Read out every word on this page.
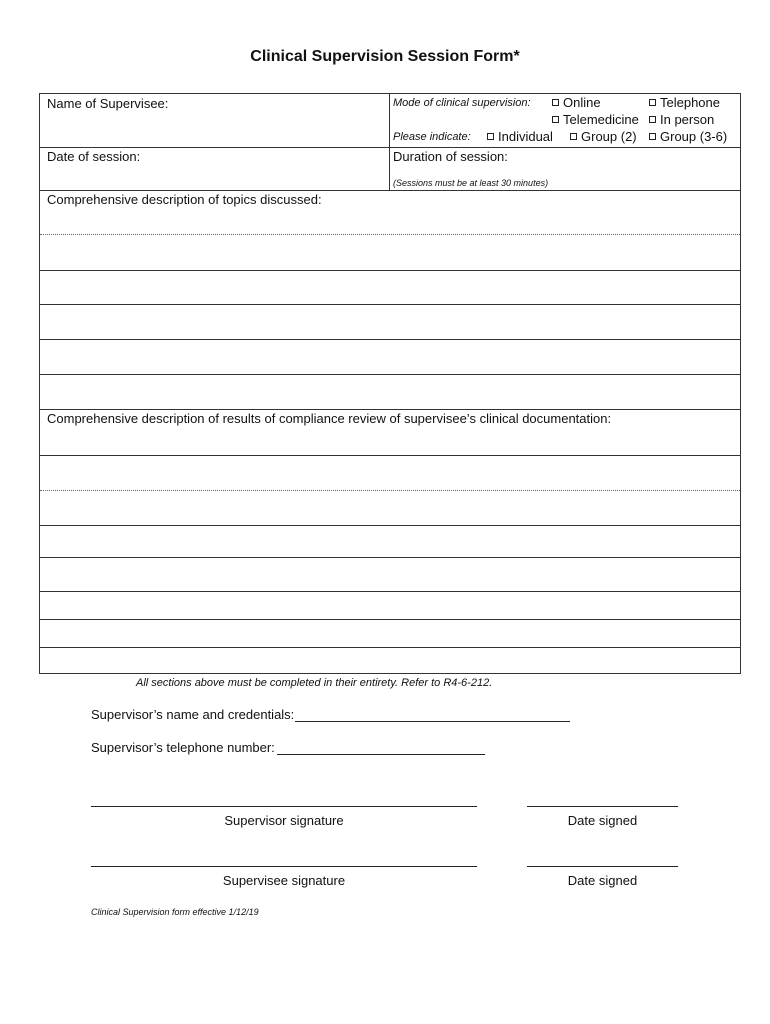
Clinical Supervision Session Form*
Name of Supervisee:	Mode of clinical supervision:	Online	Telephone
Telemedicine	In person
Please indicate:	Individual	Group (2)	Group (3-6)
Date of session:	Duration of session:
(Sessions must be at least 30 minutes)
Comprehensive description of topics discussed:
Comprehensive description of results of compliance review of supervisee’s clinical documentation:
All sections above must be completed in their entirety. Refer to R4-6-212.
Supervisor’s name and credentials:
Supervisor’s telephone number:
Supervisor signature	Date signed
Supervisee signature	Date signed
Clinical Supervision form effective 1/12/19
